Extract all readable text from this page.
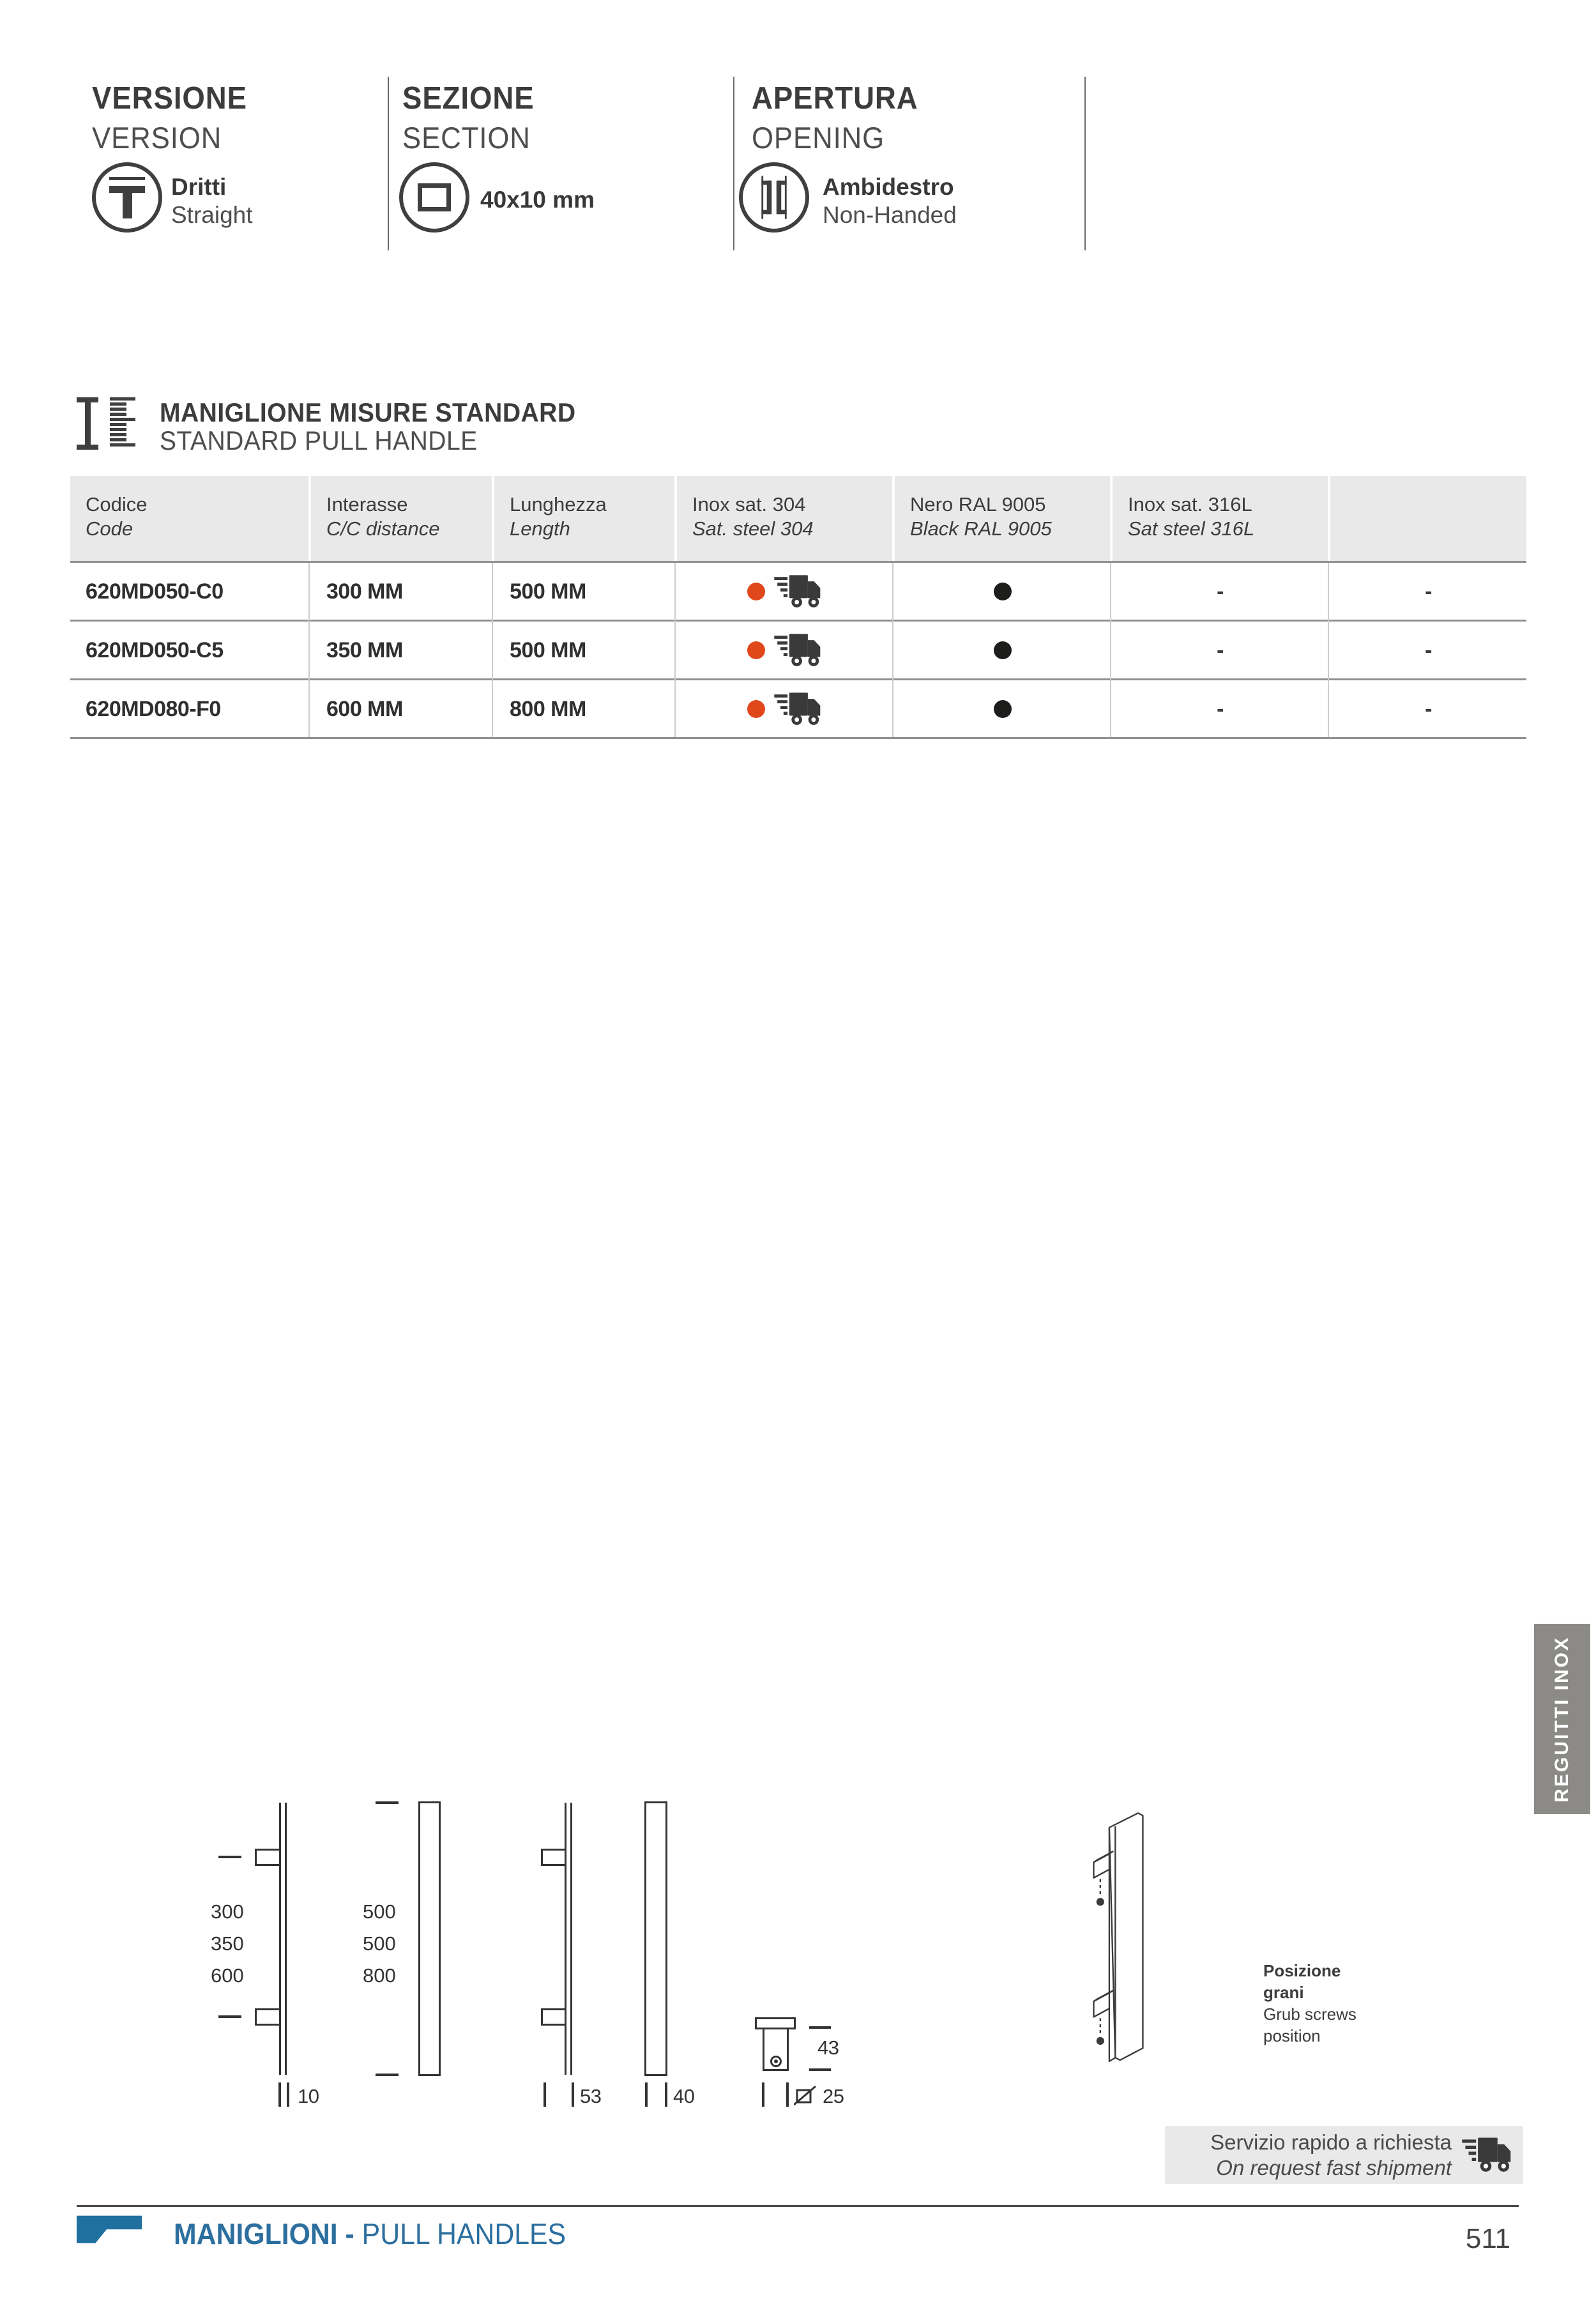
VERSIONE
VERSION
Dritti
Straight
SEZIONE
SECTION
40x10 mm
APERTURA
OPENING
Ambidestro
Non-Handed
MANIGLIONE MISURE STANDARD
STANDARD PULL HANDLE
Codice
Code
Interasse
C/C distance
Lunghezza
Length
Inox sat. 304
Sat. steel 304
Nero RAL 9005
Black RAL 9005
Inox sat. 316L
Sat steel 316L
620MD050-C0	300 MM	500 MM	-	-
620MD050-C5	350 MM	500 MM	-	-
620MD080-F0	600 MM	800 MM	-	-
300
350
600
500
500
800
43
10	53	40	25
Posizione
grani
Grub screws
position
Servizio rapido a richiesta
On request fast shipment
REGUITTI INOX
MANIGLIONI - PULL HANDLES	511
